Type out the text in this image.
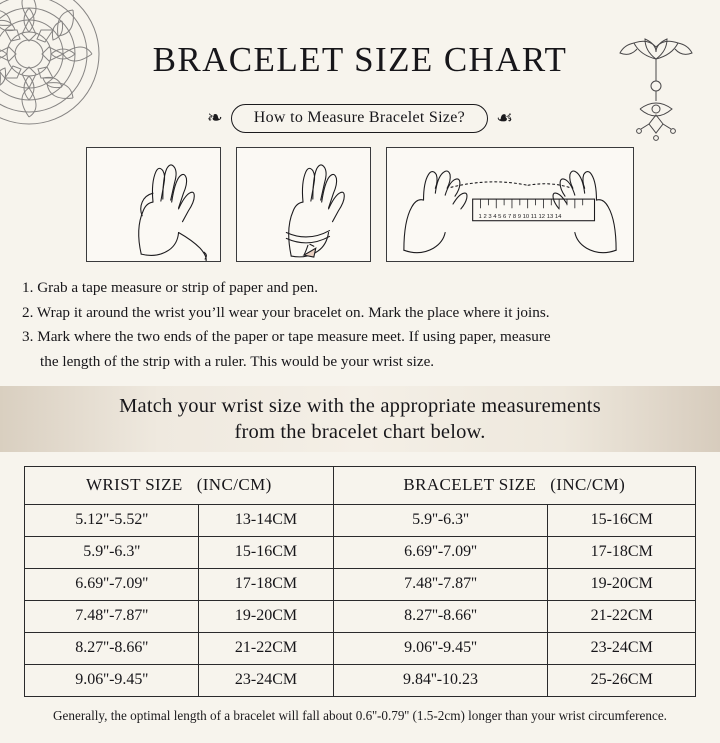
BRACELET SIZE CHART
❧	How to Measure Bracelet Size?	☙
1 2 3 4 5 6 7 8 9 10 11 12 13 14
1. Grab a tape measure or strip of paper and pen.
2. Wrap it around the wrist you’ll wear your bracelet on. Mark the place where it joins.
3. Mark where the two ends of the paper or tape measure meet. If using paper, measure
the length of the strip with a ruler. This would be your wrist size.
Match your wrist size with the appropriate measurements
from the bracelet chart below.
WRIST SIZE (INC/CM)		BRACELET SIZE (INC/CM)	
5.12''-5.52''	13-14CM	5.9''-6.3''	15-16CM
5.9''-6.3''	15-16CM	6.69''-7.09''	17-18CM
6.69''-7.09''	17-18CM	7.48''-7.87''	19-20CM
7.48''-7.87''	19-20CM	8.27''-8.66''	21-22CM
8.27''-8.66''	21-22CM	9.06''-9.45''	23-24CM
9.06''-9.45''	23-24CM	9.84''-10.23	25-26CM
Generally, the optimal length of a bracelet will fall about 0.6''-0.79'' (1.5-2cm) longer than your wrist circumference.
